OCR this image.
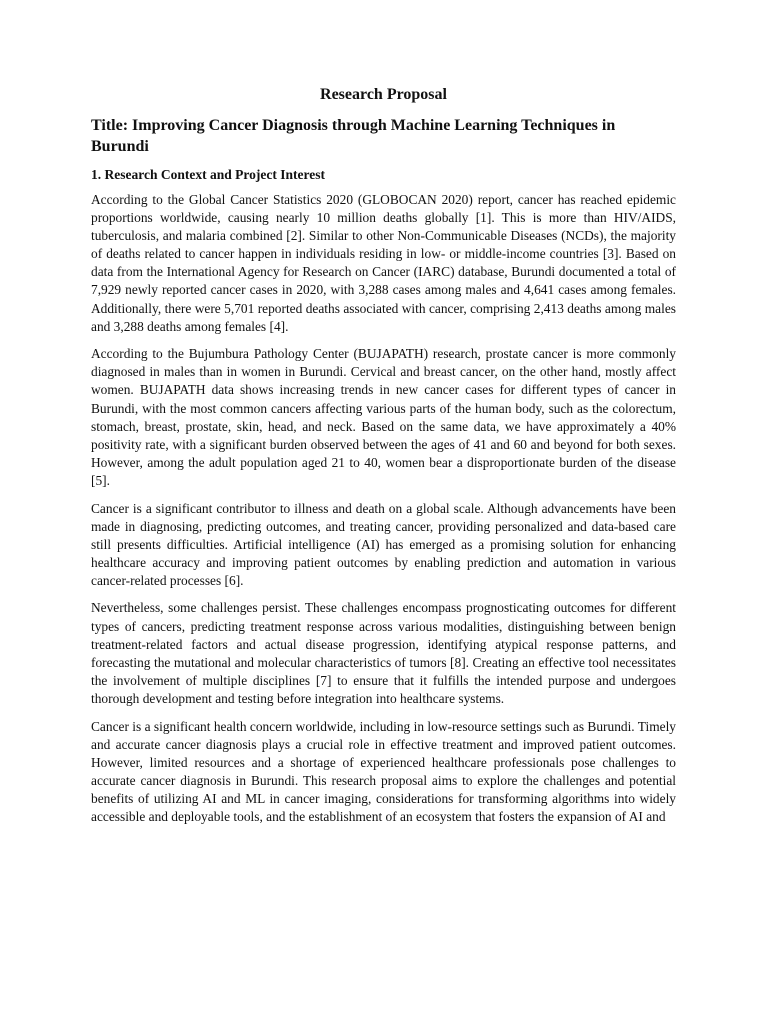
Research Proposal
Title: Improving Cancer Diagnosis through Machine Learning Techniques in Burundi
1. Research Context and Project Interest

According to the Global Cancer Statistics 2020 (GLOBOCAN 2020) report, cancer has reached epidemic proportions worldwide, causing nearly 10 million deaths globally [1]. This is more than HIV/AIDS, tuberculosis, and malaria combined [2]. Similar to other Non-Communicable Diseases (NCDs), the majority of deaths related to cancer happen in individuals residing in low- or middle-income countries [3]. Based on data from the International Agency for Research on Cancer (IARC) database, Burundi documented a total of 7,929 newly reported cancer cases in 2020, with 3,288 cases among males and 4,641 cases among females. Additionally, there were 5,701 reported deaths associated with cancer, comprising 2,413 deaths among males and 3,288 deaths among females [4].

According to the Bujumbura Pathology Center (BUJAPATH) research, prostate cancer is more commonly diagnosed in males than in women in Burundi. Cervical and breast cancer, on the other hand, mostly affect women. BUJAPATH data shows increasing trends in new cancer cases for different types of cancer in Burundi, with the most common cancers affecting various parts of the human body, such as the colorectum, stomach, breast, prostate, skin, head, and neck. Based on the same data, we have approximately a 40% positivity rate, with a significant burden observed between the ages of 41 and 60 and beyond for both sexes. However, among the adult population aged 21 to 40, women bear a disproportionate burden of the disease [5].

Cancer is a significant contributor to illness and death on a global scale. Although advancements have been made in diagnosing, predicting outcomes, and treating cancer, providing personalized and data-based care still presents difficulties. Artificial intelligence (AI) has emerged as a promising solution for enhancing healthcare accuracy and improving patient outcomes by enabling prediction and automation in various cancer-related processes [6].

Nevertheless, some challenges persist. These challenges encompass prognosticating outcomes for different types of cancers, predicting treatment response across various modalities, distinguishing between benign treatment-related factors and actual disease progression, identifying atypical response patterns, and forecasting the mutational and molecular characteristics of tumors [8]. Creating an effective tool necessitates the involvement of multiple disciplines [7] to ensure that it fulfills the intended purpose and undergoes thorough development and testing before integration into healthcare systems.

Cancer is a significant health concern worldwide, including in low-resource settings such as Burundi. Timely and accurate cancer diagnosis plays a crucial role in effective treatment and improved patient outcomes. However, limited resources and a shortage of experienced healthcare professionals pose challenges to accurate cancer diagnosis in Burundi. This research proposal aims to explore the challenges and potential benefits of utilizing AI and ML in cancer imaging, considerations for transforming algorithms into widely accessible and deployable tools, and the establishment of an ecosystem that fosters the expansion of AI and
